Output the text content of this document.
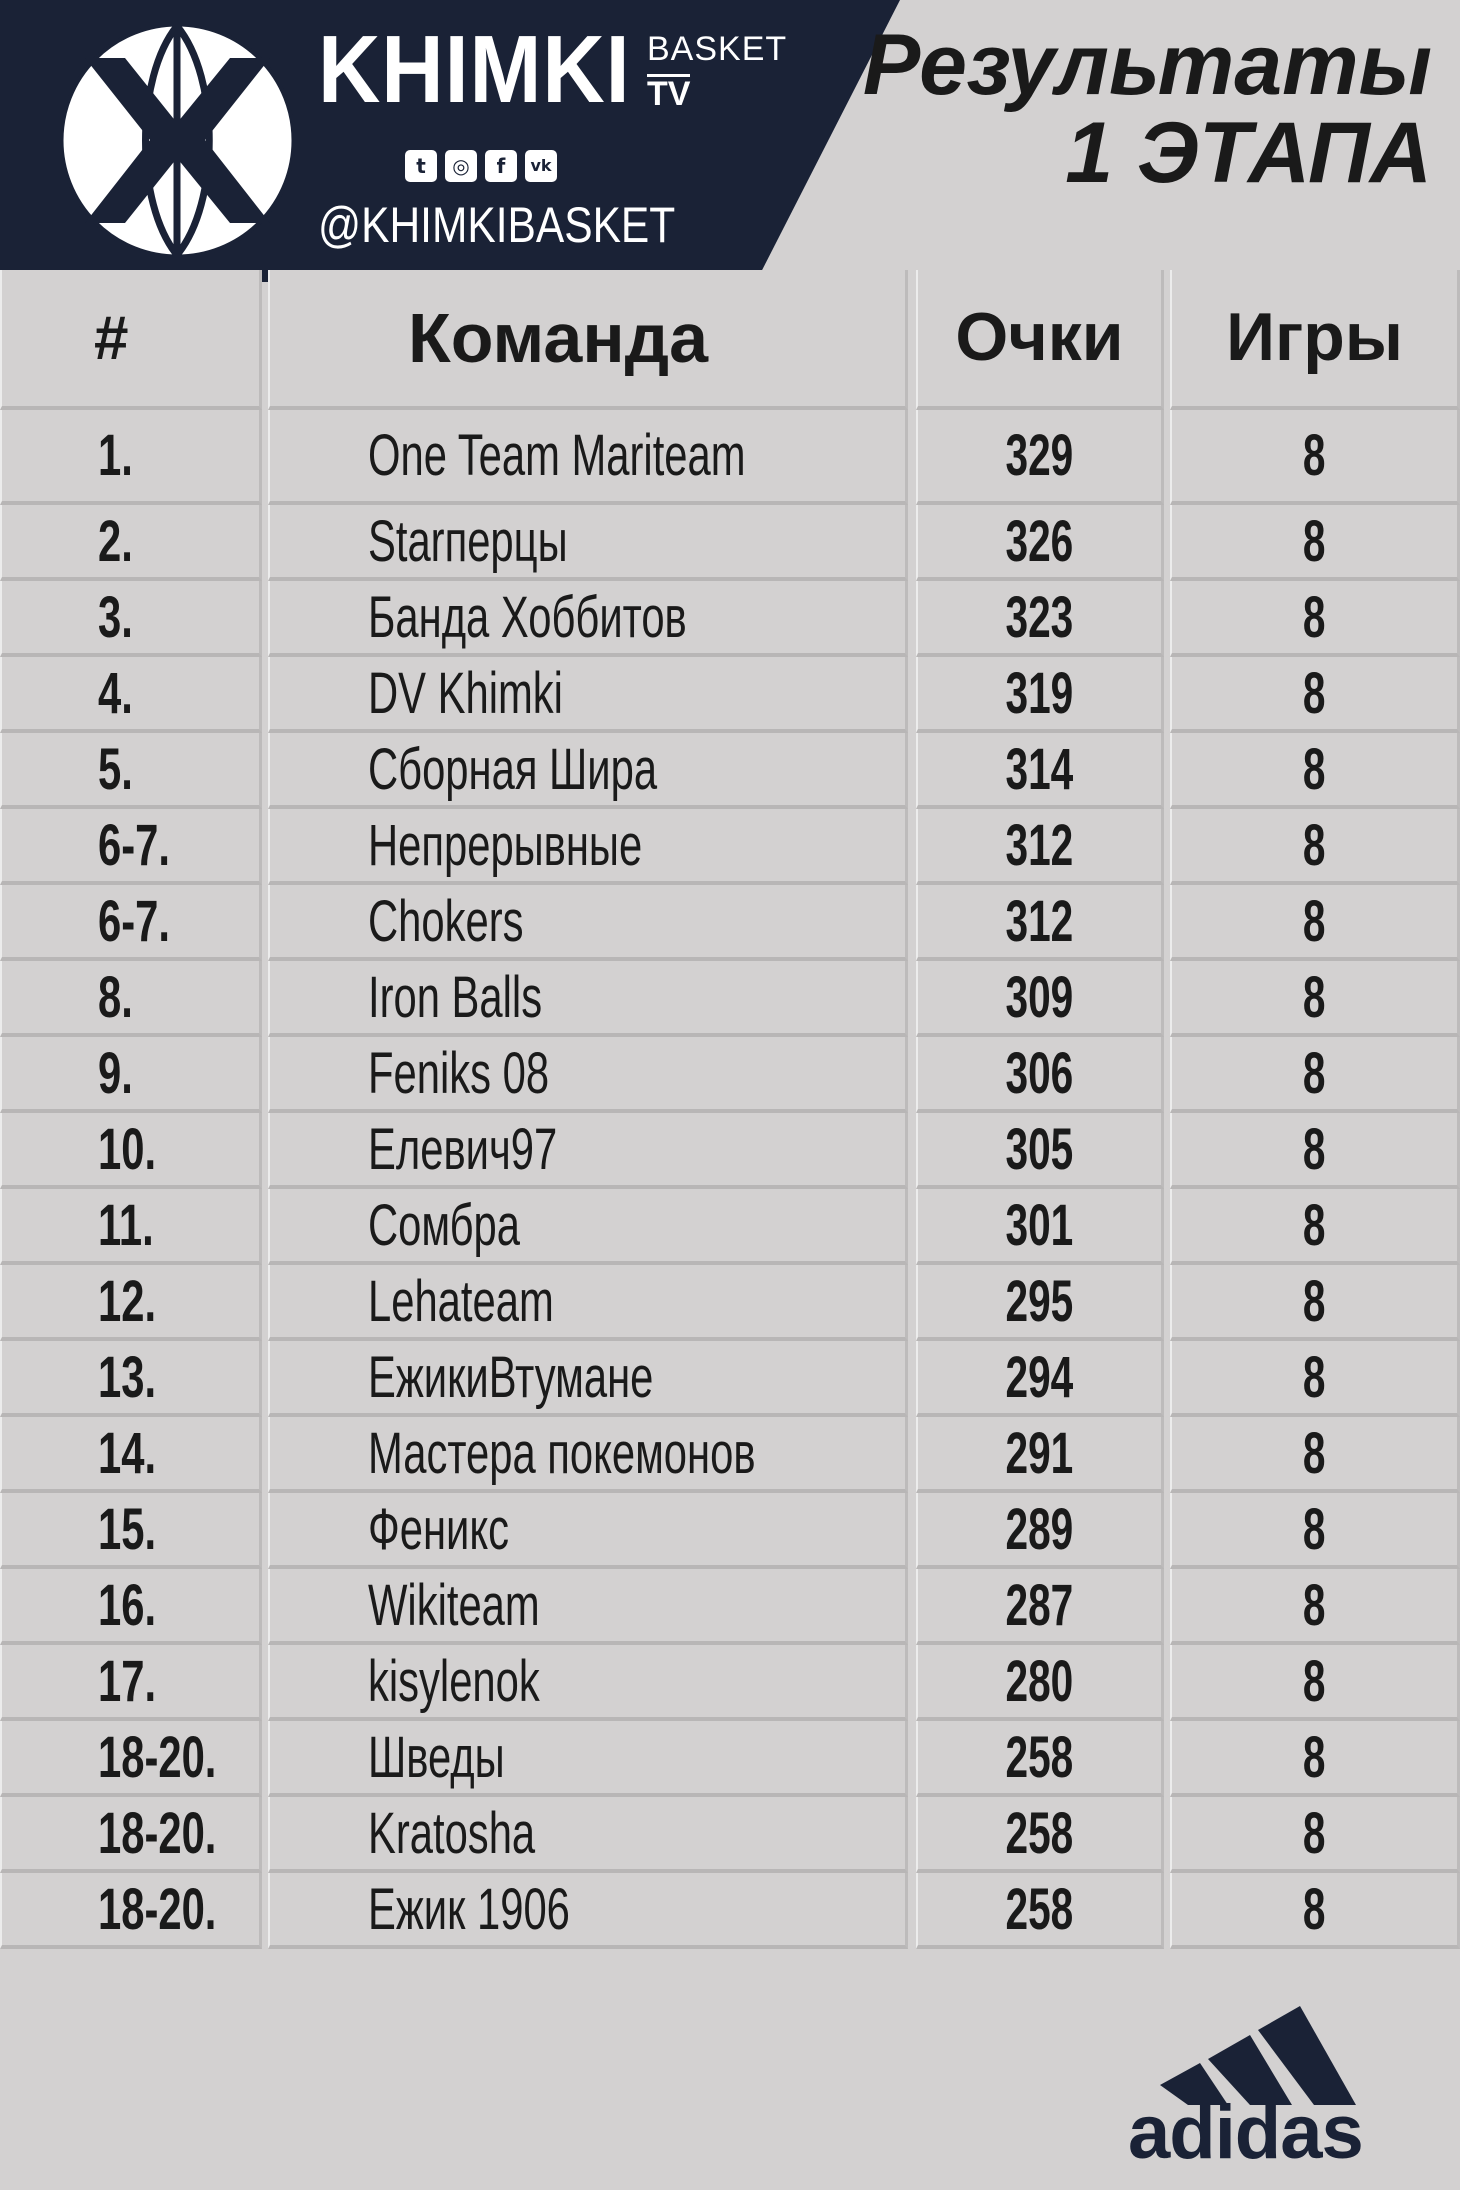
KHIMKI BASKET
TV
t	◎	f	vk
@KHIMKIBASKET
Результаты
1 ЭТАПА
#	Команда	Очки	Игры
1.	One Team Mariteam	329	8
2.	Starперцы	326	8
3.	Банда Хоббитов	323	8
4.	DV Khimki	319	8
5.	Сборная Шира	314	8
6-7.	Непрерывные	312	8
6-7.	Chokers	312	8
8.	Iron Balls	309	8
9.	Feniks 08	306	8
10.	Елевич97	305	8
11.	Сомбра	301	8
12.	Lehateam	295	8
13.	ЕжикиВтумане	294	8
14.	Мастера покемонов	291	8
15.	Феникс	289	8
16.	Wikiteam	287	8
17.	kisylenok	280	8
18-20.	Шведы	258	8
18-20.	Kratosha	258	8
18-20.	Ежик 1906	258	8
adidas
